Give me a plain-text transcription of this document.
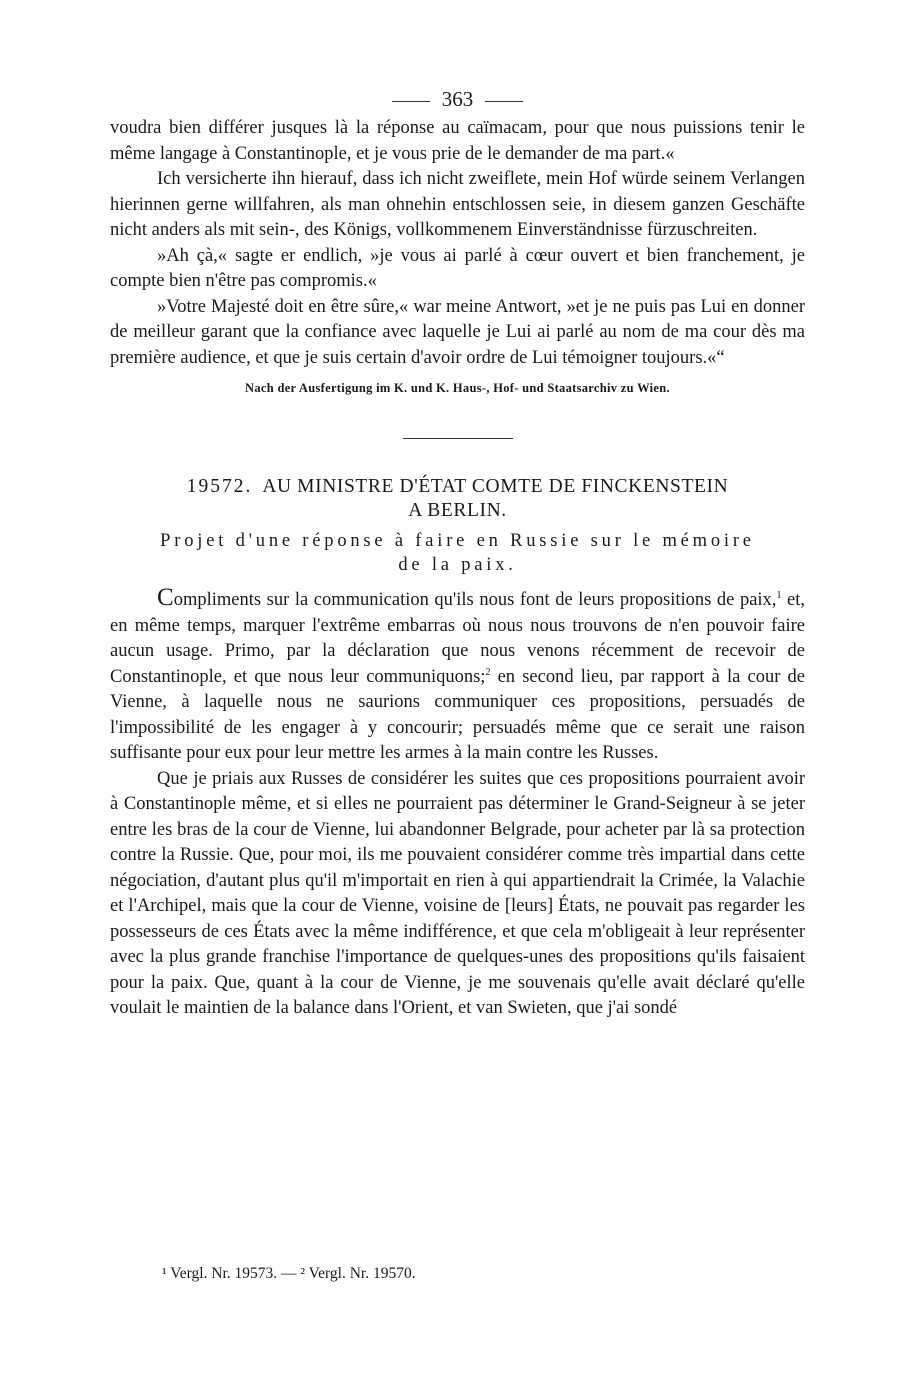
363

voudra bien différer jusques là la réponse au caïmacam, pour que nous puissions tenir le même langage à Constantinople, et je vous prie de le demander de ma part.«

Ich versicherte ihn hierauf, dass ich nicht zweiflete, mein Hof würde seinem Verlangen hierinnen gerne willfahren, als man ohnehin entschlossen seie, in diesem ganzen Geschäfte nicht anders als mit sein-, des Königs, vollkommenem Einverständnisse fürzuschreiten.

»Ah çà,« sagte er endlich, »je vous ai parlé à cœur ouvert et bien franchement, je compte bien n'être pas compromis.«

»Votre Majesté doit en être sûre,« war meine Antwort, »et je ne puis pas Lui en donner de meilleur garant que la confiance avec laquelle je Lui ai parlé au nom de ma cour dès ma première audience, et que je suis certain d'avoir ordre de Lui témoigner toujours.«“

Nach der Ausfertigung im K. und K. Haus-, Hof- und Staatsarchiv zu Wien.

19572. AU MINISTRE D'ÉTAT COMTE DE FINCKENSTEIN
A BERLIN.
Projet d'une réponse à faire en Russie sur le mémoire
de la paix.

Compliments sur la communication qu'ils nous font de leurs propositions de paix,$^1$ et, en même temps, marquer l'extrême embarras où nous nous trouvons de n'en pouvoir faire aucun usage. Primo, par la déclaration que nous venons récemment de recevoir de Constantinople, et que nous leur communiquons;$^2$ en second lieu, par rapport à la cour de Vienne, à laquelle nous ne saurions communiquer ces propositions, persuadés de l'impossibilité de les engager à y concourir; persuadés même que ce serait une raison suffisante pour eux pour leur mettre les armes à la main contre les Russes.

Que je priais aux Russes de considérer les suites que ces propositions pourraient avoir à Constantinople même, et si elles ne pourraient pas déterminer le Grand-Seigneur à se jeter entre les bras de la cour de Vienne, lui abandonner Belgrade, pour acheter par là sa protection contre la Russie. Que, pour moi, ils me pouvaient considérer comme très impartial dans cette négociation, d'autant plus qu'il m'importait en rien à qui appartiendrait la Crimée, la Valachie et l'Archipel, mais que la cour de Vienne, voisine de [leurs] États, ne pouvait pas regarder les possesseurs de ces États avec la même indifférence, et que cela m'obligeait à leur représenter avec la plus grande franchise l'importance de quelques-unes des propositions qu'ils faisaient pour la paix. Que, quant à la cour de Vienne, je me souvenais qu'elle avait déclaré qu'elle voulait le maintien de la balance dans l'Orient, et van Swieten, que j'ai sondé

¹ Vergl. Nr. 19573. — ² Vergl. Nr. 19570.
